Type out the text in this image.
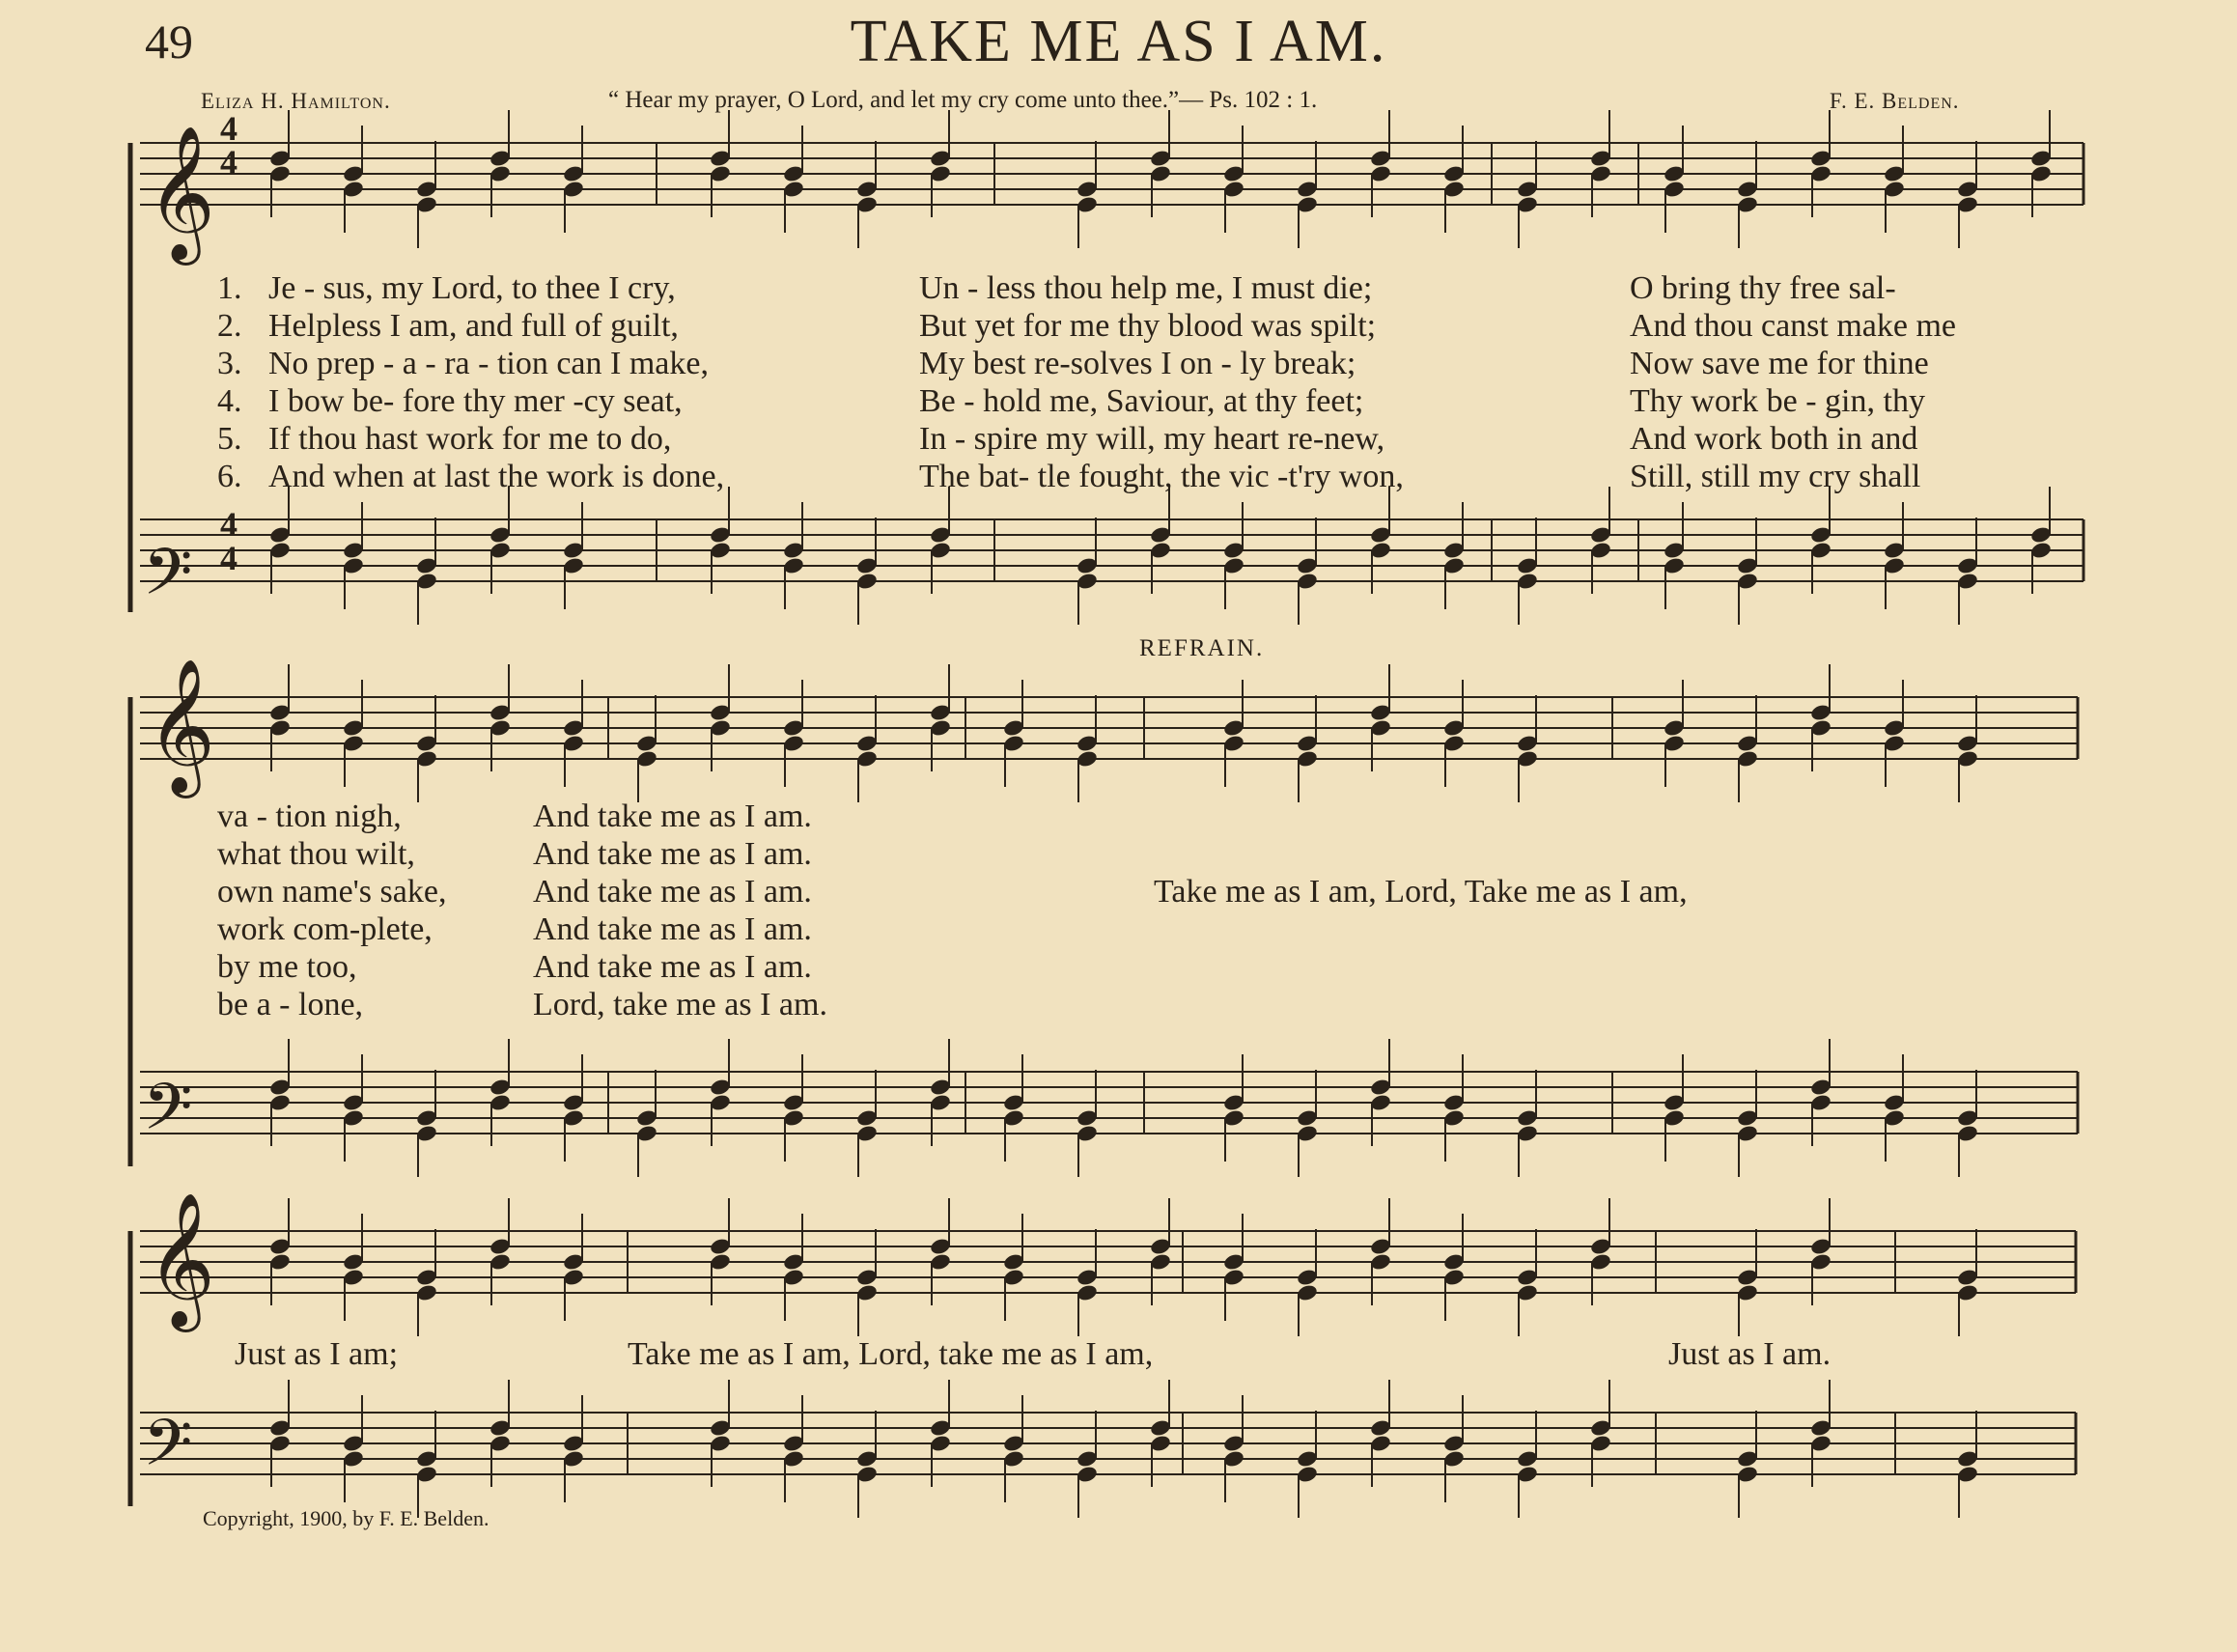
49	TAKE ME AS I AM.
Eliza H. Hamilton.	“ Hear my prayer, O Lord, and let my cry come unto thee.”— Ps. 102 : 1.	F. E. Belden.
REFRAIN.
𝄞
𝄢
𝄞
𝄢
𝄞
𝄢
4
4
4
4
1. Je - sus, my Lord, to thee I cry,	Un - less thou help me, I must die;	O bring thy free sal-
2. Helpless I am, and full of guilt,	But yet for me thy blood was spilt;	And thou canst make me
3. No prep - a - ra - tion can I make,	My best re-solves I on - ly break;	Now save me for thine
4. I bow be- fore thy mer -cy seat,	Be - hold me, Saviour, at thy feet;	Thy work be - gin, thy
5. If thou hast work for me to do,	In - spire my will, my heart re-new,	And work both in and
6. And when at last the work is done,	The bat- tle fought, the vic -t'ry won,	Still, still my cry shall
va - tion nigh,	And take me as I am.
what thou wilt,	And take me as I am.
own name's sake,	And take me as I am.
work com-plete,	And take me as I am.
by me too,	And take me as I am.
be a - lone,	Lord, take me as I am.
Take me as I am, Lord, Take me as I am,
Just as I am;	Take me as I am, Lord, take me as I am,	Just as I am.
Copyright, 1900, by F. E. Belden.
